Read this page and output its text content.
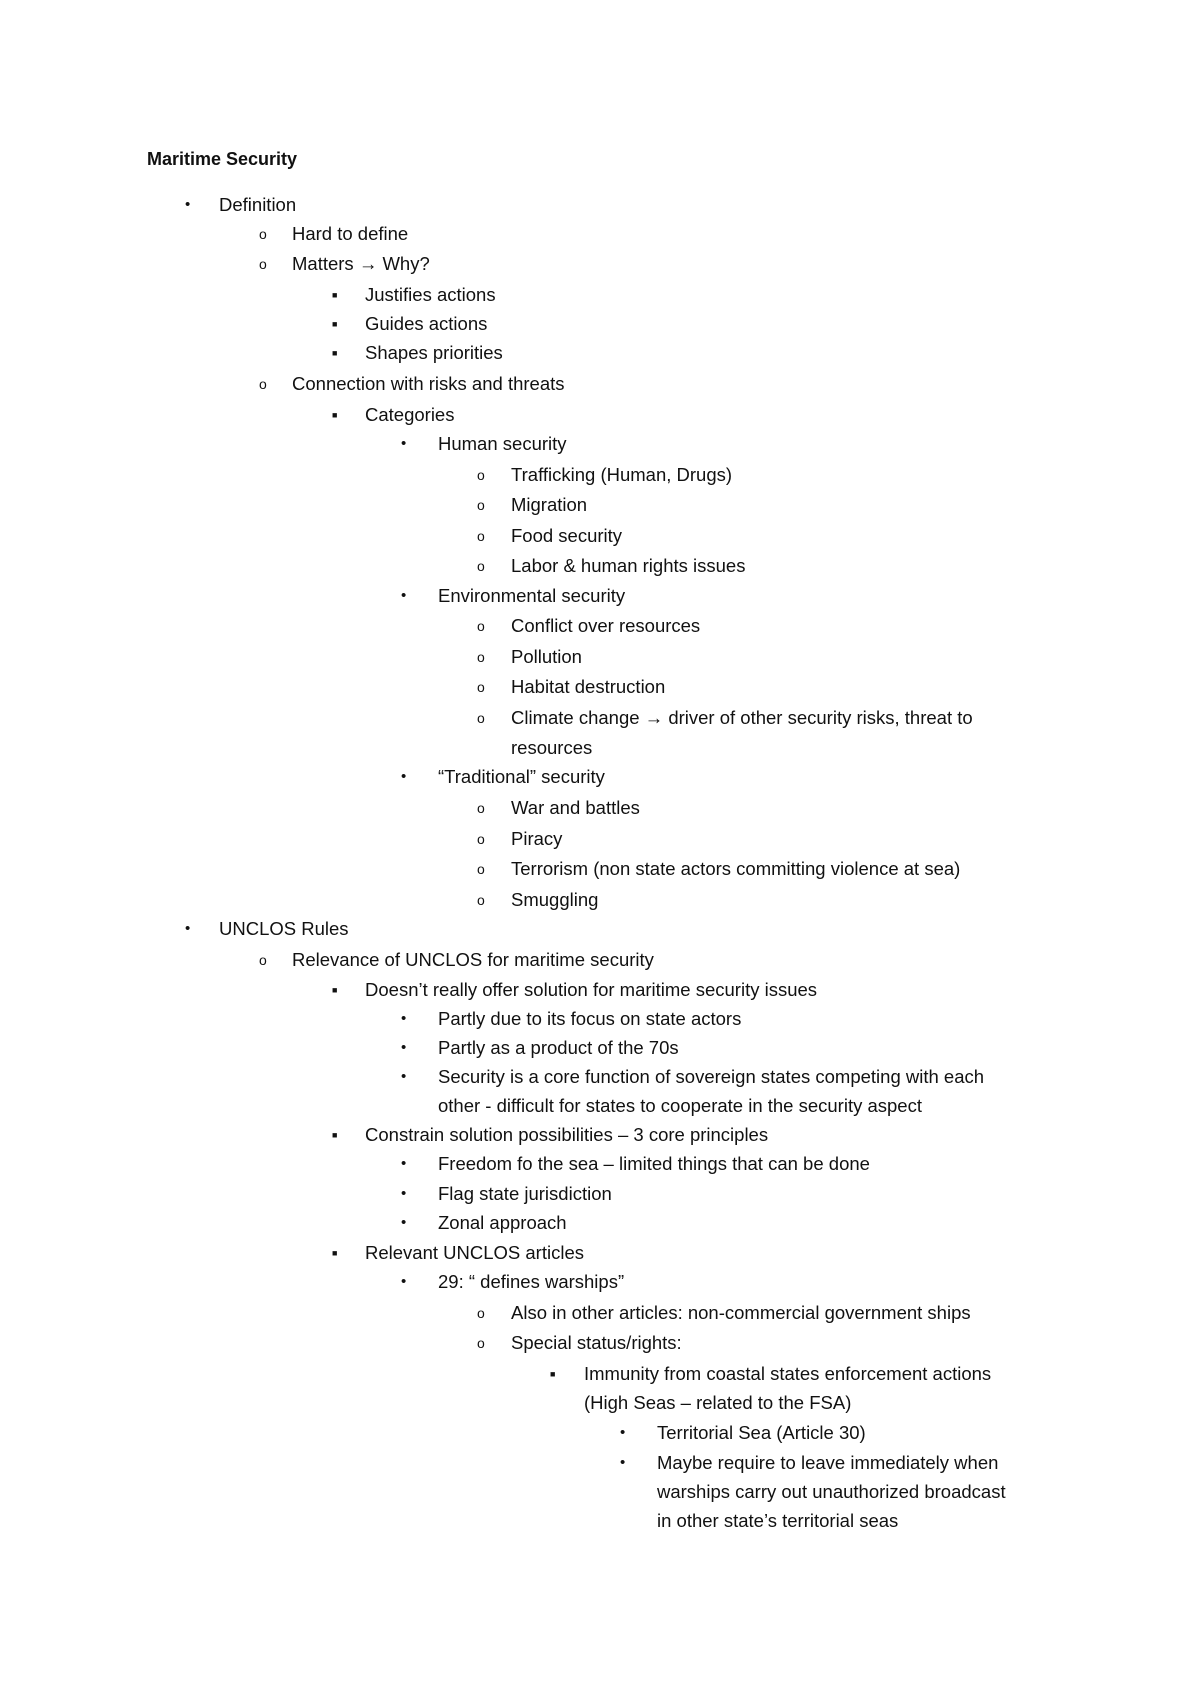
Maritime Security
• Definition
o Hard to define
o Matters → Why?
■ Justifies actions
■ Guides actions
■ Shapes priorities
o Connection with risks and threats
■ Categories
• Human security
o Trafficking (Human, Drugs)
o Migration
o Food security
o Labor & human rights issues
• Environmental security
o Conflict over resources
o Pollution
o Habitat destruction
o Climate change → driver of other security risks, threat to
resources
• “Traditional” security
o War and battles
o Piracy
o Terrorism (non state actors committing violence at sea)
o Smuggling
• UNCLOS Rules
o Relevance of UNCLOS for maritime security
■ Doesn’t really offer solution for maritime security issues
• Partly due to its focus on state actors
• Partly as a product of the 70s
• Security is a core function of sovereign states competing with each
other - difficult for states to cooperate in the security aspect
■ Constrain solution possibilities – 3 core principles
• Freedom fo the sea – limited things that can be done
• Flag state jurisdiction
• Zonal approach
■ Relevant UNCLOS articles
• 29: “ defines warships”
o Also in other articles: non-commercial government ships
o Special status/rights:
■ Immunity from coastal states enforcement actions
(High Seas – related to the FSA)
• Territorial Sea (Article 30)
• Maybe require to leave immediately when
warships carry out unauthorized broadcast
in other state’s territorial seas
